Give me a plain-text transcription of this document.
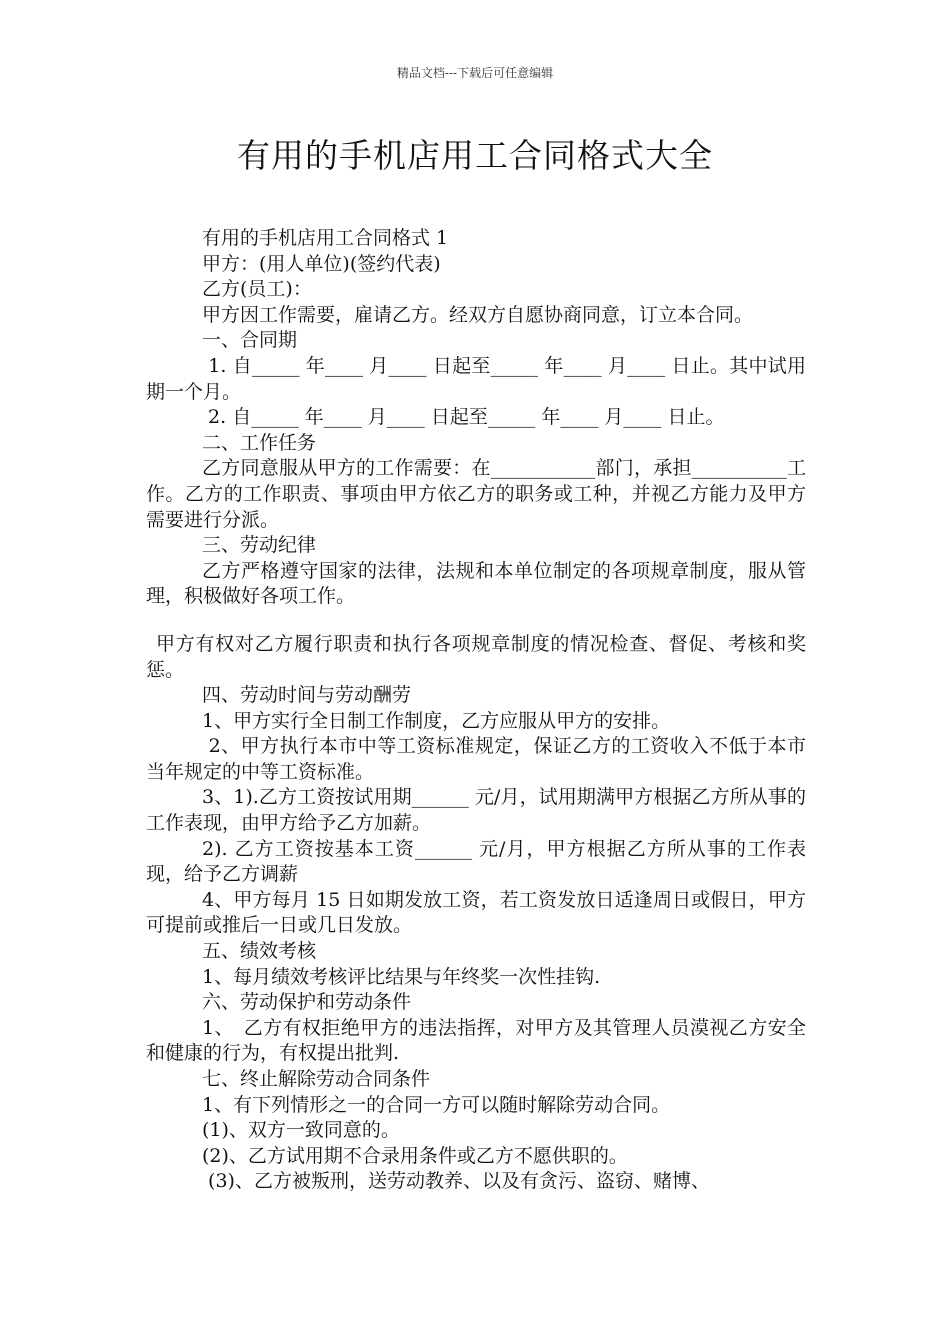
精品文档---下载后可任意编辑
有用的手机店用工合同格式大全

有用的手机店用工合同格式 1

甲方：(用人单位)(签约代表)

乙方(员工)：

甲方因工作需要，雇请乙方。经双方自愿协商同意，订立本合同。

一、合同期

1. 自_____ 年____ 月____ 日起至_____ 年____ 月____ 日止。其中试用期一个月。

2. 自_____ 年____ 月____ 日起至_____ 年____ 月____ 日止。

二、工作任务

乙方同意服从甲方的工作需要：在___________部门，承担__________工作。乙方的工作职责、事项由甲方依乙方的职务或工种，并视乙方能力及甲方需要进行分派。

三、劳动纪律

乙方严格遵守国家的法律，法规和本单位制定的各项规章制度，服从管理，积极做好各项工作。

甲方有权对乙方履行职责和执行各项规章制度的情况检查、督促、考核和奖惩。

四、劳动时间与劳动酬劳

1、甲方实行全日制工作制度，乙方应服从甲方的安排。

2、甲方执行本市中等工资标准规定，保证乙方的工资收入不低于本市当年规定的中等工资标准。

3、1).乙方工资按试用期______ 元/月，试用期满甲方根据乙方所从事的工作表现，由甲方给予乙方加薪。

2). 乙方工资按基本工资______ 元/月，甲方根据乙方所从事的工作表现，给予乙方调薪

4、甲方每月 15 日如期发放工资，若工资发放日适逢周日或假日，甲方可提前或推后一日或几日发放。

五、绩效考核

1、每月绩效考核评比结果与年终奖一次性挂钩.

六、劳动保护和劳动条件

1、　乙方有权拒绝甲方的违法指挥，对甲方及其管理人员漠视乙方安全和健康的行为，有权提出批判.

七、终止解除劳动合同条件

1、有下列情形之一的合同一方可以随时解除劳动合同。

(1)、双方一致同意的。

(2)、乙方试用期不合录用条件或乙方不愿供职的。

(3)、乙方被叛刑，送劳动教养、以及有贪污、盗窃、赌博、
